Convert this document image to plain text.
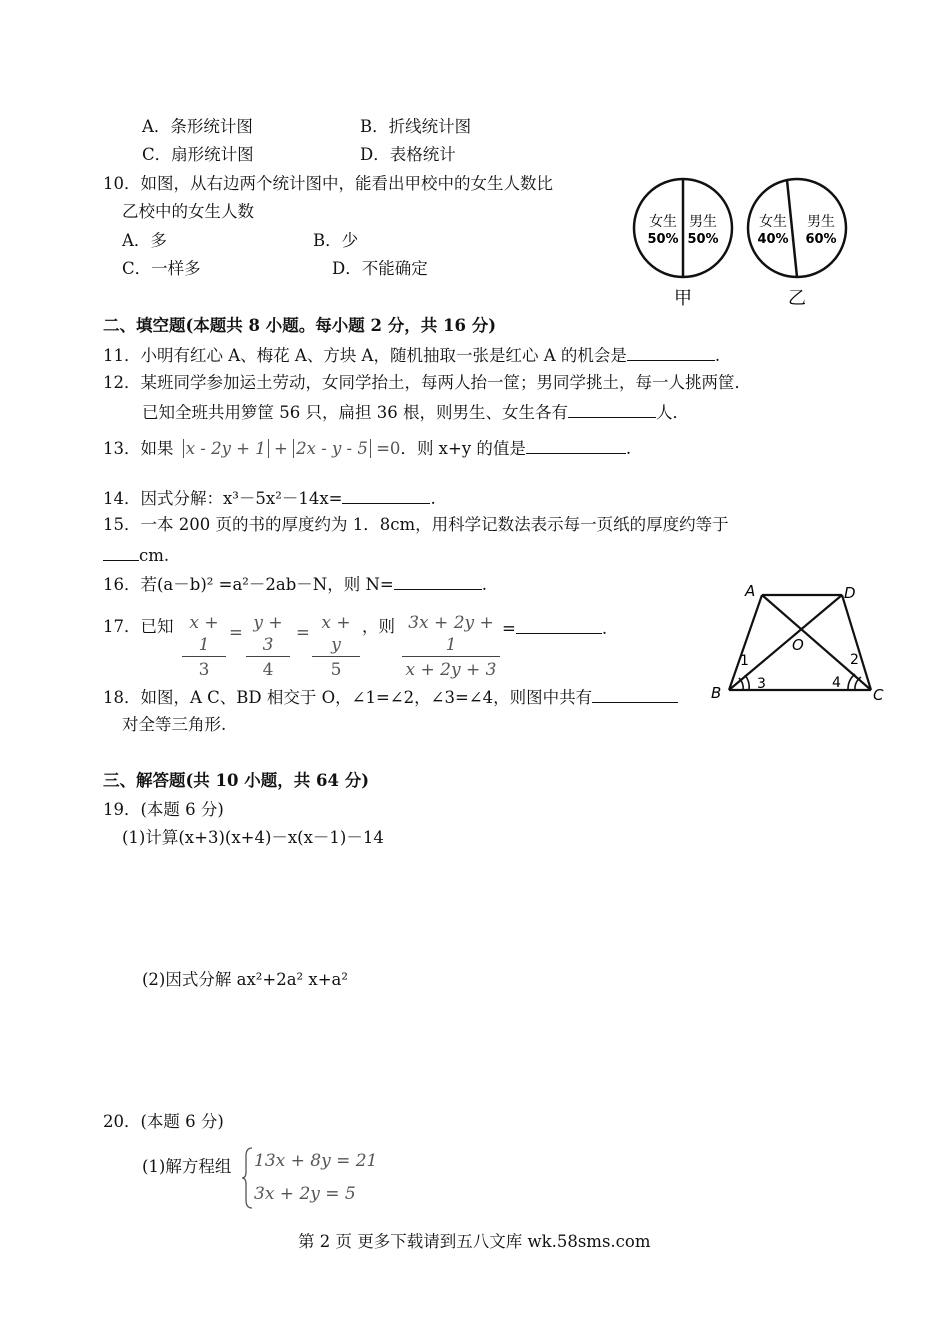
A．条形统计图	B．折线统计图
C．扇形统计图	D．表格统计
10．如图，从右边两个统计图中，能看出甲校中的女生人数比
乙校中的女生人数
A．多	B．少
C．一样多	D．不能确定
女生
50%
男生
50%
甲
女生
40%
男生
60%
乙
二、填空题(本题共 8 小题。每小题 2 分，共 16 分)
11．小明有红心 A、梅花 A、方块 A，随机抽取一张是红心 A 的机会是	.
12．某班同学参加运土劳动，女同学抬土，每两人抬一筐；男同学挑土，每一人挑两筐．
已知全班共用箩筐 56 只，扁担 36 根，则男生、女生各有	人．
13．如果 x - 2y + 1 + 2x - y - 5 =0．则 x+y 的值是	.
14．因式分解：x³－5x²－14x=	.
15．一本 200 页的书的厚度约为 1．8cm，用科学记数法表示每一页纸的厚度约等于
cm.
16．若(a－b)² =a²－2ab－N，则 N=	.
17．已知 $\frac{x + 1}{3} = \frac{y + 3}{4} = \frac{x + y}{5}$ ，则 $\frac{3x + 2y + 1}{x + 2y + 3}$ =	.
18．如图，A C、BD 相交于 O，∠1=∠2，∠3=∠4，则图中共有
对全等三角形.
A	D
B	C
O
1	2
3	4
三、解答题(共 10 小题，共 64 分)
19．(本题 6 分)
(1)计算(x+3)(x+4)－x(x－1)－14
(2)因式分解 ax²+2a² x+a²
20．(本题 6 分)
(1)解方程组 13x + 8y = 21
3x + 2y = 5
第 2 页 更多下载请到五八文库 wk.58sms.com
